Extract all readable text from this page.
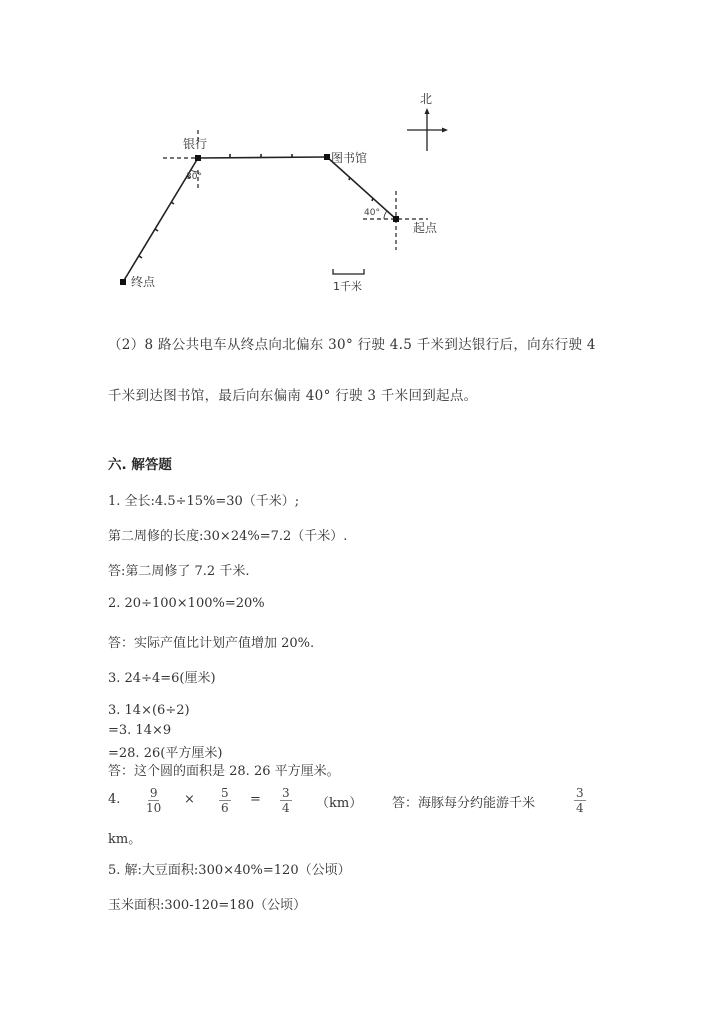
北
银行
图书馆
起点
终点
30°
40°
1千米
（2）8 路公共电车从终点向北偏东 30° 行驶 4.5 千米到达银行后，向东行驶 4
千米到达图书馆，最后向东偏南 40° 行驶 3 千米回到起点。
六. 解答题
1. 全长:4.5÷15%=30（千米）;
第二周修的长度:30×24%=7.2（千米）.
答:第二周修了 7.2 千米.
2. 20÷100×100%=20%
答：实际产值比计划产值增加 20%.
3. 24÷4=6(厘米)
3. 14×(6÷2)
=3. 14×9
=28. 26(平方厘米)
答：这个圆的面积是 28. 26 平方厘米。
4. $\frac{9}{10} \times \frac{5}{6} = \frac{3}{4} (km)$ 答：海豚每分约能游千米	$\frac{3}{4}$
km。
5. 解:大豆面积:300×40%=120（公顷）
玉米面积:300-120=180（公顷）
